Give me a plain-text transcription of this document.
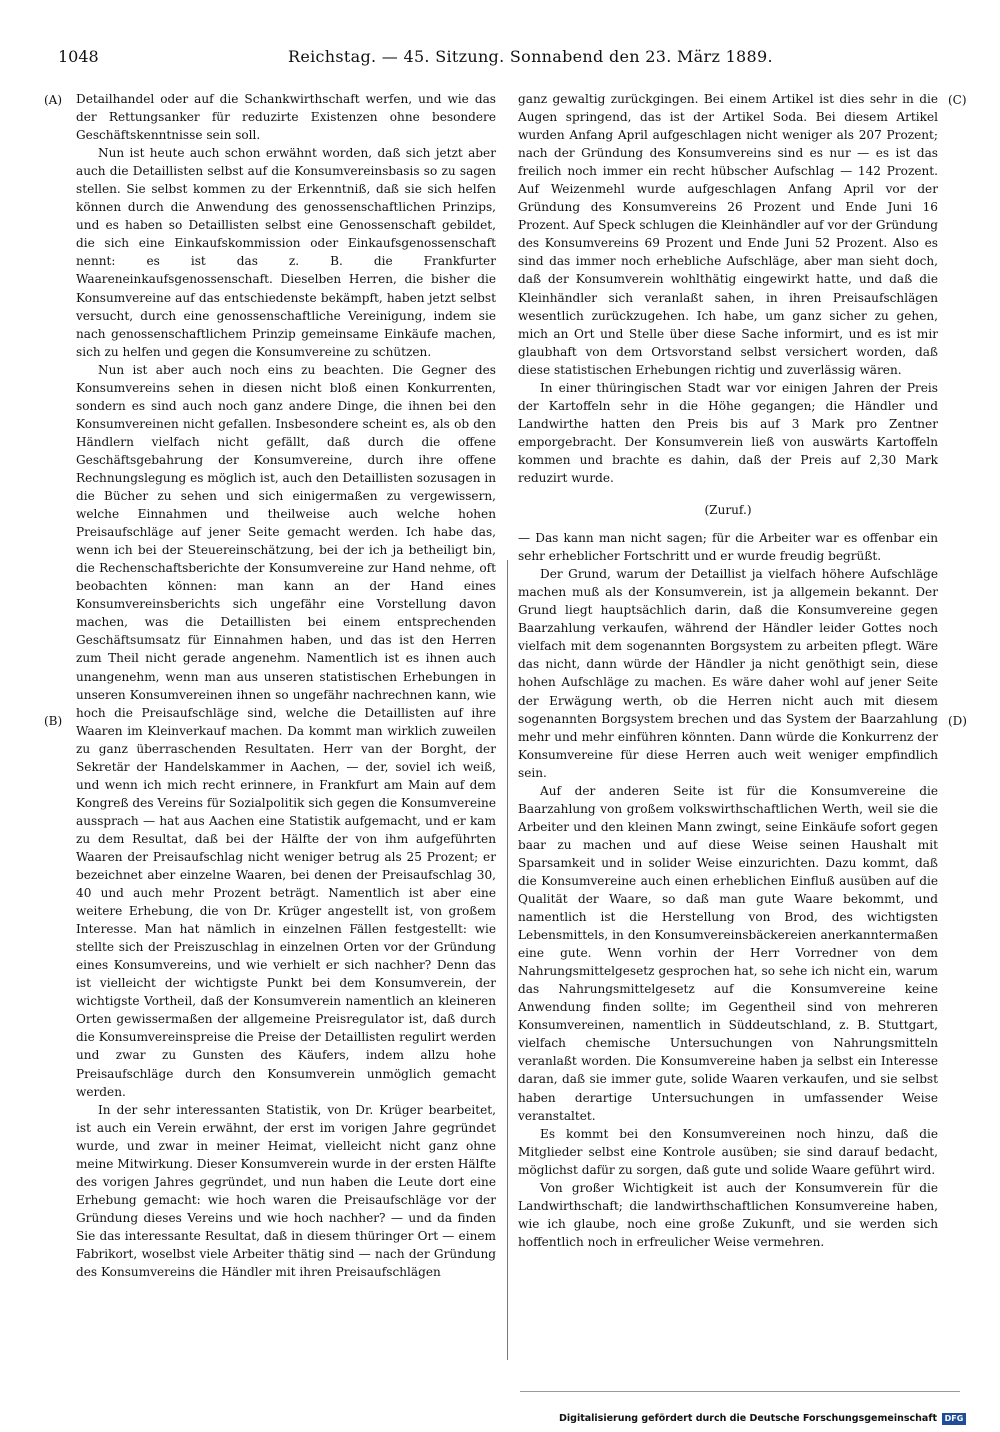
1048	Reichstag. — 45. Sitzung. Sonnabend den 23. März 1889.
(A)
(B)
(C)
(D)

Detailhandel oder auf die Schankwirthschaft werfen, und wie das der Rettungsanker für reduzirte Existenzen ohne besondere Geschäftskenntnisse sein soll.

Nun ist heute auch schon erwähnt worden, daß sich jetzt aber auch die Detaillisten selbst auf die Konsumvereinsbasis so zu sagen stellen. Sie selbst kommen zu der Erkenntniß, daß sie sich helfen können durch die Anwendung des genossenschaftlichen Prinzips, und es haben so Detaillisten selbst eine Genossenschaft gebildet, die sich eine Einkaufskommission oder Einkaufsgenossenschaft nennt: es ist das z. B. die Frankfurter Waareneinkaufsgenossenschaft. Dieselben Herren, die bisher die Konsumvereine auf das entschiedenste bekämpft, haben jetzt selbst versucht, durch eine genossenschaftliche Vereinigung, indem sie nach genossenschaftlichem Prinzip gemeinsame Einkäufe machen, sich zu helfen und gegen die Konsumvereine zu schützen.

Nun ist aber auch noch eins zu beachten. Die Gegner des Konsumvereins sehen in diesen nicht bloß einen Konkurrenten, sondern es sind auch noch ganz andere Dinge, die ihnen bei den Konsumvereinen nicht gefallen. Insbesondere scheint es, als ob den Händlern vielfach nicht gefällt, daß durch die offene Geschäftsgebahrung der Konsumvereine, durch ihre offene Rechnungslegung es möglich ist, auch den Detaillisten sozusagen in die Bücher zu sehen und sich einigermaßen zu vergewissern, welche Einnahmen und theilweise auch welche hohen Preisaufschläge auf jener Seite gemacht werden. Ich habe das, wenn ich bei der Steuereinschätzung, bei der ich ja betheiligt bin, die Rechenschaftsberichte der Konsumvereine zur Hand nehme, oft beobachten können: man kann an der Hand eines Konsumvereinsberichts sich ungefähr eine Vorstellung davon machen, was die Detaillisten bei einem entsprechenden Geschäftsumsatz für Einnahmen haben, und das ist den Herren zum Theil nicht gerade angenehm. Namentlich ist es ihnen auch unangenehm, wenn man aus unseren statistischen Erhebungen in unseren Konsumvereinen ihnen so ungefähr nachrechnen kann, wie hoch die Preisaufschläge sind, welche die Detaillisten auf ihre Waaren im Kleinverkauf machen. Da kommt man wirklich zuweilen zu ganz überraschenden Resultaten. Herr van der Borght, der Sekretär der Handelskammer in Aachen, — der, soviel ich weiß, und wenn ich mich recht erinnere, in Frankfurt am Main auf dem Kongreß des Vereins für Sozialpolitik sich gegen die Konsumvereine aussprach — hat aus Aachen eine Statistik aufgemacht, und er kam zu dem Resultat, daß bei der Hälfte der von ihm aufgeführten Waaren der Preisaufschlag nicht weniger betrug als 25 Prozent; er bezeichnet aber einzelne Waaren, bei denen der Preisaufschlag 30, 40 und auch mehr Prozent beträgt. Namentlich ist aber eine weitere Erhebung, die von Dr. Krüger angestellt ist, von großem Interesse. Man hat nämlich in einzelnen Fällen festgestellt: wie stellte sich der Preiszuschlag in einzelnen Orten vor der Gründung eines Konsumvereins, und wie verhielt er sich nachher? Denn das ist vielleicht der wichtigste Punkt bei dem Konsumverein, der wichtigste Vortheil, daß der Konsumverein namentlich an kleineren Orten gewissermaßen der allgemeine Preisregulator ist, daß durch die Konsumvereinspreise die Preise der Detaillisten regulirt werden und zwar zu Gunsten des Käufers, indem allzu hohe Preisaufschläge durch den Konsumverein unmöglich gemacht werden.

In der sehr interessanten Statistik, von Dr. Krüger bearbeitet, ist auch ein Verein erwähnt, der erst im vorigen Jahre gegründet wurde, und zwar in meiner Heimat, vielleicht nicht ganz ohne meine Mitwirkung. Dieser Konsumverein wurde in der ersten Hälfte des vorigen Jahres gegründet, und nun haben die Leute dort eine Erhebung gemacht: wie hoch waren die Preisaufschläge vor der Gründung dieses Vereins und wie hoch nachher? — und da finden Sie das interessante Resultat, daß in diesem thüringer Ort — einem Fabrikort, woselbst viele Arbeiter thätig sind — nach der Gründung des Konsumvereins die Händler mit ihren Preisaufschlägen

ganz gewaltig zurückgingen. Bei einem Artikel ist dies sehr in die Augen springend, das ist der Artikel Soda. Bei diesem Artikel wurden Anfang April aufgeschlagen nicht weniger als 207 Prozent; nach der Gründung des Konsumvereins sind es nur — es ist das freilich noch immer ein recht hübscher Aufschlag — 142 Prozent. Auf Weizenmehl wurde aufgeschlagen Anfang April vor der Gründung des Konsumvereins 26 Prozent und Ende Juni 16 Prozent. Auf Speck schlugen die Kleinhändler auf vor der Gründung des Konsumvereins 69 Prozent und Ende Juni 52 Prozent. Also es sind das immer noch erhebliche Aufschläge, aber man sieht doch, daß der Konsumverein wohlthätig eingewirkt hatte, und daß die Kleinhändler sich veranlaßt sahen, in ihren Preisaufschlägen wesentlich zurückzugehen. Ich habe, um ganz sicher zu gehen, mich an Ort und Stelle über diese Sache informirt, und es ist mir glaubhaft von dem Ortsvorstand selbst versichert worden, daß diese statistischen Erhebungen richtig und zuverlässig wären.

In einer thüringischen Stadt war vor einigen Jahren der Preis der Kartoffeln sehr in die Höhe gegangen; die Händler und Landwirthe hatten den Preis bis auf 3 Mark pro Zentner emporgebracht. Der Konsumverein ließ von auswärts Kartoffeln kommen und brachte es dahin, daß der Preis auf 2,30 Mark reduzirt wurde.

(Zuruf.)

— Das kann man nicht sagen; für die Arbeiter war es offenbar ein sehr erheblicher Fortschritt und er wurde freudig begrüßt.

Der Grund, warum der Detaillist ja vielfach höhere Aufschläge machen muß als der Konsumverein, ist ja allgemein bekannt. Der Grund liegt hauptsächlich darin, daß die Konsumvereine gegen Baarzahlung verkaufen, während der Händler leider Gottes noch vielfach mit dem sogenannten Borgsystem zu arbeiten pflegt. Wäre das nicht, dann würde der Händler ja nicht genöthigt sein, diese hohen Aufschläge zu machen. Es wäre daher wohl auf jener Seite der Erwägung werth, ob die Herren nicht auch mit diesem sogenannten Borgsystem brechen und das System der Baarzahlung mehr und mehr einführen könnten. Dann würde die Konkurrenz der Konsumvereine für diese Herren auch weit weniger empfindlich sein.

Auf der anderen Seite ist für die Konsumvereine die Baarzahlung von großem volkswirthschaftlichen Werth, weil sie die Arbeiter und den kleinen Mann zwingt, seine Einkäufe sofort gegen baar zu machen und auf diese Weise seinen Haushalt mit Sparsamkeit und in solider Weise einzurichten. Dazu kommt, daß die Konsumvereine auch einen erheblichen Einfluß ausüben auf die Qualität der Waare, so daß man gute Waare bekommt, und namentlich ist die Herstellung von Brod, des wichtigsten Lebensmittels, in den Konsumvereinsbäckereien anerkanntermaßen eine gute. Wenn vorhin der Herr Vorredner von dem Nahrungsmittelgesetz gesprochen hat, so sehe ich nicht ein, warum das Nahrungsmittelgesetz auf die Konsumvereine keine Anwendung finden sollte; im Gegentheil sind von mehreren Konsumvereinen, namentlich in Süddeutschland, z. B. Stuttgart, vielfach chemische Untersuchungen von Nahrungsmitteln veranlaßt worden. Die Konsumvereine haben ja selbst ein Interesse daran, daß sie immer gute, solide Waaren verkaufen, und sie selbst haben derartige Untersuchungen in umfassender Weise veranstaltet.

Es kommt bei den Konsumvereinen noch hinzu, daß die Mitglieder selbst eine Kontrole ausüben; sie sind darauf bedacht, möglichst dafür zu sorgen, daß gute und solide Waare geführt wird.

Von großer Wichtigkeit ist auch der Konsumverein für die Landwirthschaft; die landwirthschaftlichen Konsumvereine haben, wie ich glaube, noch eine große Zukunft, und sie werden sich hoffentlich noch in erfreulicher Weise vermehren.

Digitalisierung gefördert durch die Deutsche Forschungsgemeinschaft DFG
